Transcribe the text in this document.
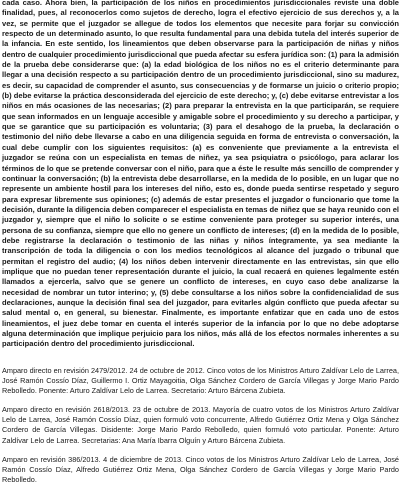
cada caso. Ahora bien, la participación de los niños en procedimientos jurisdiccionales reviste una doble finalidad, pues, al reconocerlos como sujetos de derecho, logra el efectivo ejercicio de sus derechos y, a la vez, se permite que el juzgador se allegue de todos los elementos que necesite para forjar su convicción respecto de un determinado asunto, lo que resulta fundamental para una debida tutela del interés superior de la infancia. En este sentido, los lineamientos que deben observarse para la participación de niñas y niños dentro de cualquier procedimiento jurisdiccional que pueda afectar su esfera jurídica son: (1) para la admisión de la prueba debe considerarse que: (a) la edad biológica de los niños no es el criterio determinante para llegar a una decisión respecto a su participación dentro de un procedimiento jurisdiccional, sino su madurez, es decir, su capacidad de comprender el asunto, sus consecuencias y de formarse un juicio o criterio propio; (b) debe evitarse la práctica desconsiderada del ejercicio de este derecho; y, (c) debe evitarse entrevistar a los niños en más ocasiones de las necesarias; (2) para preparar la entrevista en la que participarán, se requiere que sean informados en un lenguaje accesible y amigable sobre el procedimiento y su derecho a participar, y que se garantice que su participación es voluntaria; (3) para el desahogo de la prueba, la declaración o testimonio del niño debe llevarse a cabo en una diligencia seguida en forma de entrevista o conversación, la cual debe cumplir con los siguientes requisitos: (a) es conveniente que previamente a la entrevista el juzgador se reúna con un especialista en temas de niñez, ya sea psiquiatra o psicólogo, para aclarar los términos de lo que se pretende conversar con el niño, para que a éste le resulte más sencillo de comprender y continuar la conversación; (b) la entrevista debe desarrollarse, en la medida de lo posible, en un lugar que no represente un ambiente hostil para los intereses del niño, esto es, donde pueda sentirse respetado y seguro para expresar libremente sus opiniones; (c) además de estar presentes el juzgador o funcionario que tome la decisión, durante la diligencia deben comparecer el especialista en temas de niñez que se haya reunido con el juzgador y, siempre que el niño lo solicite o se estime conveniente para proteger su superior interés, una persona de su confianza, siempre que ello no genere un conflicto de intereses; (d) en la medida de lo posible, debe registrarse la declaración o testimonio de las niñas y niños íntegramente, ya sea mediante la transcripción de toda la diligencia o con los medios tecnológicos al alcance del juzgado o tribunal que permitan el registro del audio; (4) los niños deben intervenir directamente en las entrevistas, sin que ello implique que no puedan tener representación durante el juicio, la cual recaerá en quienes legalmente estén llamados a ejercerla, salvo que se genere un conflicto de intereses, en cuyo caso debe analizarse la necesidad de nombrar un tutor interino; y, (5) debe consultarse a los niños sobre la confidencialidad de sus declaraciones, aunque la decisión final sea del juzgador, para evitarles algún conflicto que pueda afectar su salud mental o, en general, su bienestar. Finalmente, es importante enfatizar que en cada uno de estos lineamientos, el juez debe tomar en cuenta el interés superior de la infancia por lo que no debe adoptarse alguna determinación que implique perjuicio para los niños, más allá de los efectos normales inherentes a su participación dentro del procedimiento jurisdiccional.

Amparo directo en revisión 2479/2012. 24 de octubre de 2012. Cinco votos de los Ministros Arturo Zaldívar Lelo de Larrea, José Ramón Cossío Díaz, Guillermo I. Ortiz Mayagoitia, Olga Sánchez Cordero de García Villegas y Jorge Mario Pardo Rebolledo. Ponente: Arturo Zaldívar Lelo de Larrea. Secretario: Arturo Bárcena Zubieta.

Amparo directo en revisión 2618/2013. 23 de octubre de 2013. Mayoría de cuatro votos de los Ministros Arturo Zaldívar Lelo de Larrea, José Ramón Cossío Díaz, quien formuló voto concurrente, Alfredo Gutiérrez Ortiz Mena y Olga Sánchez Cordero de García Villegas. Disidente: Jorge Mario Pardo Rebolledo, quien formuló voto particular. Ponente: Arturo Zaldívar Lelo de Larrea. Secretarias: Ana María Ibarra Olguín y Arturo Bárcena Zubieta.

Amparo en revisión 386/2013. 4 de diciembre de 2013. Cinco votos de los Ministros Arturo Zaldívar Lelo de Larrea, José Ramón Cossío Díaz, Alfredo Gutiérrez Ortiz Mena, Olga Sánchez Cordero de García Villegas y Jorge Mario Pardo Rebolledo.
